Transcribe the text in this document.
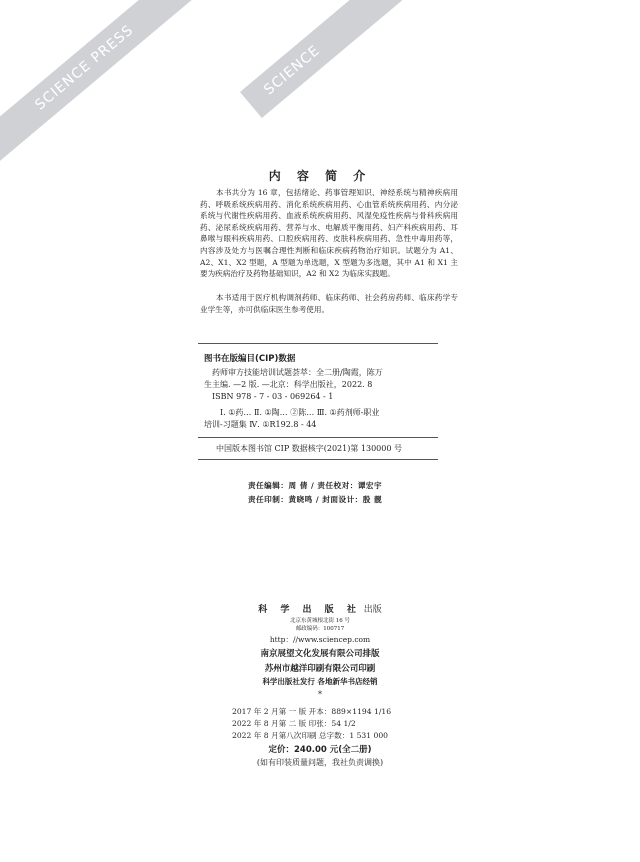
SCIENCE PRESS	SCIENCE
内 容 简 介

本书共分为 16 章，包括绪论、药事管理知识、神经系统与精神疾病用药、呼吸系统疾病用药、消化系统疾病用药、心血管系统疾病用药、内分泌系统与代谢性疾病用药、血液系统疾病用药、风湿免疫性疾病与骨科疾病用药、泌尿系统疾病用药、营养与水、电解质平衡用药、妇产科疾病用药、耳鼻喉与眼科疾病用药、口腔疾病用药、皮肤科疾病用药、急性中毒用药等，内容涉及处方与医嘱合理性判断和临床疾病药物治疗知识。试题分为 A1、A2、X1、X2 型题，A 型题为单选题，X 型题为多选题，其中 A1 和 X1 主要为疾病治疗及药物基础知识，A2 和 X2 为临床实践题。

本书适用于医疗机构调剂药师、临床药师、社会药房药师、临床药学专业学生等，亦可供临床医生参考使用。

图书在版编目(CIP)数据
药师审方技能培训试题荟萃：全二册/陶霞，陈万
生主编. —2 版. —北京：科学出版社，2022. 8
ISBN 978 - 7 - 03 - 069264 - 1
Ⅰ. ①药… Ⅱ. ①陶… ②陈… Ⅲ. ①药剂师-职业
培训-习题集 Ⅳ. ①R192.8 - 44
中国版本图书馆 CIP 数据核字(2021)第 130000 号
责任编辑：周 倩 / 责任校对：谭宏宇
责任印制：黄晓鸣 / 封面设计：殷 靓
科 学 出 版 社 出版
北京东黄城根北街 16 号
邮政编码：100717
http：//www.sciencep.com
南京展望文化发展有限公司排版
苏州市越洋印刷有限公司印刷
科学出版社发行 各地新华书店经销
*
2017 年 2 月第 一 版 开本：889×1194 1/16
2022 年 8 月第 二 版 印张：54 1/2
2022 年 8 月第八次印刷 总字数：1 531 000
定价：240.00 元(全二册)
(如有印装质量问题，我社负责调换)
